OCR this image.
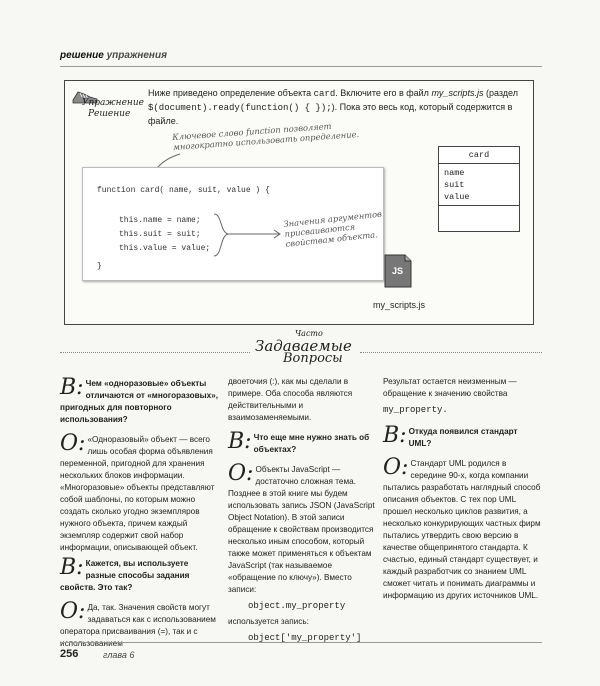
решение упражнения
Упражнение
Решение
Ниже приведено определение объекта card. Включите его в файл my_scripts.js (раздел
$(document).ready(function() { });). Пока это весь код, который содержится в файле.
Ключевое слово function позволяет многократно использовать определение.
function card( name, suit, value ) {
this.name = name;
this.suit = suit;
this.value = value;
}
Значения аргументов присваиваются свойствам объекта.
card
name
suit
value
JS
my_scripts.js
Часто
Задаваемые
Вопросы

В: Чем «одноразовые» объекты отличаются от «многоразовых», пригодных для повторного использования?

О: «Одноразовый» объект — всего лишь особая форма объявления переменной, пригодной для хранения нескольких блоков информации. «Многоразовые» объекты представляют собой шаблоны, по которым можно создать сколько угодно экземпляров нужного объекта, причем каждый экземпляр содержит свой набор информации, описывающей объект.

В: Кажется, вы используете разные способы задания свойств. Это так?

О: Да, так. Значения свойств могут задаваться как с использованием оператора присваивания (=), так и с использованием

двоеточия (:), как мы сделали в примере. Оба способа являются действительными и взаимозаменяемыми.

В: Что еще мне нужно знать об объектах?

О: Объекты JavaScript — достаточно сложная тема. Позднее в этой книге мы будем использовать запись JSON (JavaScript Object Notation). В этой записи обращение к свойствам производится несколько иным способом, который также может применяться к объектам JavaScript (так называемое «обращение по ключу»). Вместо записи:

object.my_property

используется запись:

object['my_property']

Результат остается неизменным — обращение к значению свойства

my_property.

В: Откуда появился стандарт UML?

О: Стандарт UML родился в середине 90-х, когда компании пытались разработать наглядный способ описания объектов. С тех пор UML прошел несколько циклов развития, а несколько конкурирующих частных фирм пытались утвердить свою версию в качестве общепринятого стандарта. К счастью, единый стандарт существует, и каждый разработчик со знанием UML сможет читать и понимать диаграммы и информацию из других источников UML.

256	глава 6
